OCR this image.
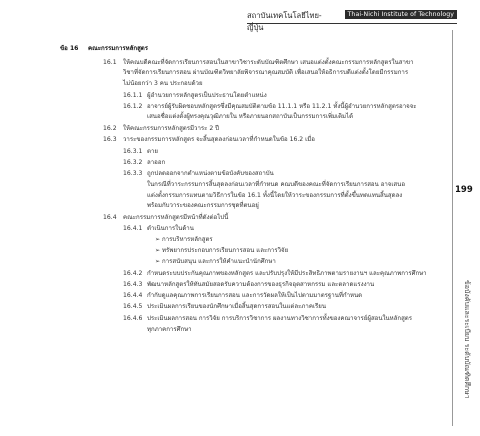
สถาบันเทคโนโลยีไทย-ญี่ปุ่น
Thai-Nichi Institute of Technology
199
ข้อบังคับและระเบียบ ระดับบัณฑิตศึกษา
ข้อ 16 คณะกรรมการหลักสูตร
16.1 ให้คณบดีคณะที่จัดการเรียนการสอนในสาขาวิชาระดับบัณฑิตศึกษา เสนอแต่งตั้งคณะกรรมการหลักสูตรในสาขา
วิชาที่จัดการเรียนการสอน ผ่านบัณฑิตวิทยาลัยพิจารณาคุณสมบัติ เพื่อเสนอให้อธิการบดีแต่งตั้งโดยมีกรรมการ
ไม่น้อยกว่า 3 คน ประกอบด้วย
16.1.1 ผู้อำนวยการหลักสูตรเป็นประธานโดยตำแหน่ง
16.1.2 อาจารย์ผู้รับผิดชอบหลักสูตรซึ่งมีคุณสมบัติตามข้อ 11.1.1 หรือ 11.2.1 ทั้งนี้ผู้อำนวยการหลักสูตรอาจจะ
เสนอชื่อแต่งตั้งผู้ทรงคุณวุฒิภายใน หรือภายนอกสถาบันเป็นกรรมการเพิ่มเติมได้
16.2 ให้คณะกรรมการหลักสูตรมีวาระ 2 ปี
16.3 วาระของกรรมการหลักสูตร จะสิ้นสุดลงก่อนเวลาที่กำหนดในข้อ 16.2 เมื่อ
16.3.1 ตาย
16.3.2 ลาออก
16.3.3 ถูกปลดออกจากตำแหน่งตามข้อบังคับของสถาบัน
ในกรณีที่วาระกรรมการสิ้นสุดลงก่อนเวลาที่กำหนด คณบดีของคณะที่จัดการเรียนการสอน อาจเสนอ
แต่งตั้งกรรมการแทนตามวิธีการในข้อ 16.1 ทั้งนี้โดยให้วาระของกรรมการที่ตั้งขึ้นทดแทนสิ้นสุดลง
พร้อมกับวาระของคณะกรรมการชุดที่ตนอยู่
16.4 คณะกรรมการหลักสูตรมีหน้าที่ดังต่อไปนี้
16.4.1 ดำเนินการในด้าน
➢ การบริหารหลักสูตร
➢ ทรัพยากรประกอบการเรียนการสอน และการวิจัย
➢ การสนับสนุน และการให้คำแนะนำนักศึกษา
16.4.2 กำหนดระบบประกันคุณภาพของหลักสูตร และปรับปรุงให้มีประสิทธิภาพตามรายงานฯ และคุณภาพการศึกษา
16.4.3 พัฒนาหลักสูตรให้ทันสมัยสอดรับความต้องการของธุรกิจอุตสาหกรรม และตลาดแรงงาน
16.4.4 กำกับดูแลคุณภาพการเรียนการสอน และการวัดผลให้เป็นไปตามมาตรฐานที่กำหนด
16.4.5 ประเมินผลการเรียนของนักศึกษาเมื่อสิ้นสุดการสอนในแต่ละภาคเรียน
16.4.6 ประเมินผลการสอน การวิจัย การบริการวิชาการ ผลงานทางวิชาการทั้งของคณาจารย์ผู้สอนในหลักสูตร
ทุกภาคการศึกษา
